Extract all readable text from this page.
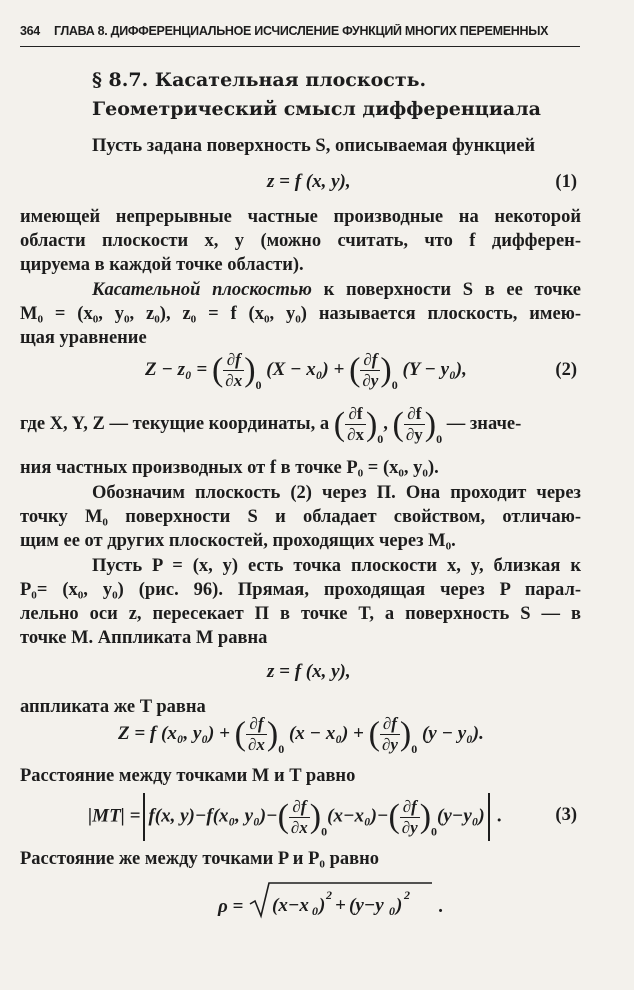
364 ГЛАВА 8. ДИФФЕРЕНЦИАЛЬНОЕ ИСЧИСЛЕНИЕ ФУНКЦИЙ МНОГИХ ПЕРЕМЕННЫХ
§ 8.7. Касательная плоскость.
Геометрический смысл дифференциала
Пусть задана поверхность S, описываемая функцией
z = f (x, y),	(1)
имеющей непрерывные частные производные на некоторой
области плоскости x, y (можно считать, что f дифферен-
цируема в каждой точке области).
Касательной плоскостью к поверхности S в ее точке
M₀ = (x₀, y₀, z₀), z₀ = f (x₀, y₀) называется плоскость, имею-
щая уравнение
Z − z₀ = ( $\frac{\partial f}{\partial x} )_0$ (X − x₀) + ( $\frac{\partial f}{\partial y} )_0$ (Y − y₀),	(2)
где X, Y, Z — текущие координаты, а ( $\frac{\partial f}{\partial x} )_0$, ( $\frac{\partial f}{\partial y} )_0$ — значе-
ния частных производных от f в точке P₀ = (x₀, y₀).
Обозначим плоскость (2) через Π. Она проходит через
точку M₀ поверхности S и обладает свойством, отличаю-
щим ее от других плоскостей, проходящих через M₀.
Пусть P = (x, y) есть точка плоскости x, y, близкая к
P₀= (x₀, y₀) (рис. 96). Прямая, проходящая через P парал-
лельно оси z, пересекает Π в точке T, а поверхность S — в
точке M. Аппликата M равна
z = f (x, y),
аппликата же T равна
Z = f (x₀, y₀) + ( $\frac{\partial f}{\partial x} )_0$ (x − x₀) + ( $\frac{\partial f}{\partial y} )_0$ (y − y₀).
Расстояние между точками M и T равно
|MT| = f(x, y)−f(x₀, $y_0)-( \frac{\partial f}{\partial x} )_0(x-x_0)-( \frac{\partial f}{\partial y} )_0(y-y_0)$ .	(3)
Расстояние же между точками P и P₀ равно
ρ = (x−x 0 ) 2 + (y−y 0 ) 2
.
